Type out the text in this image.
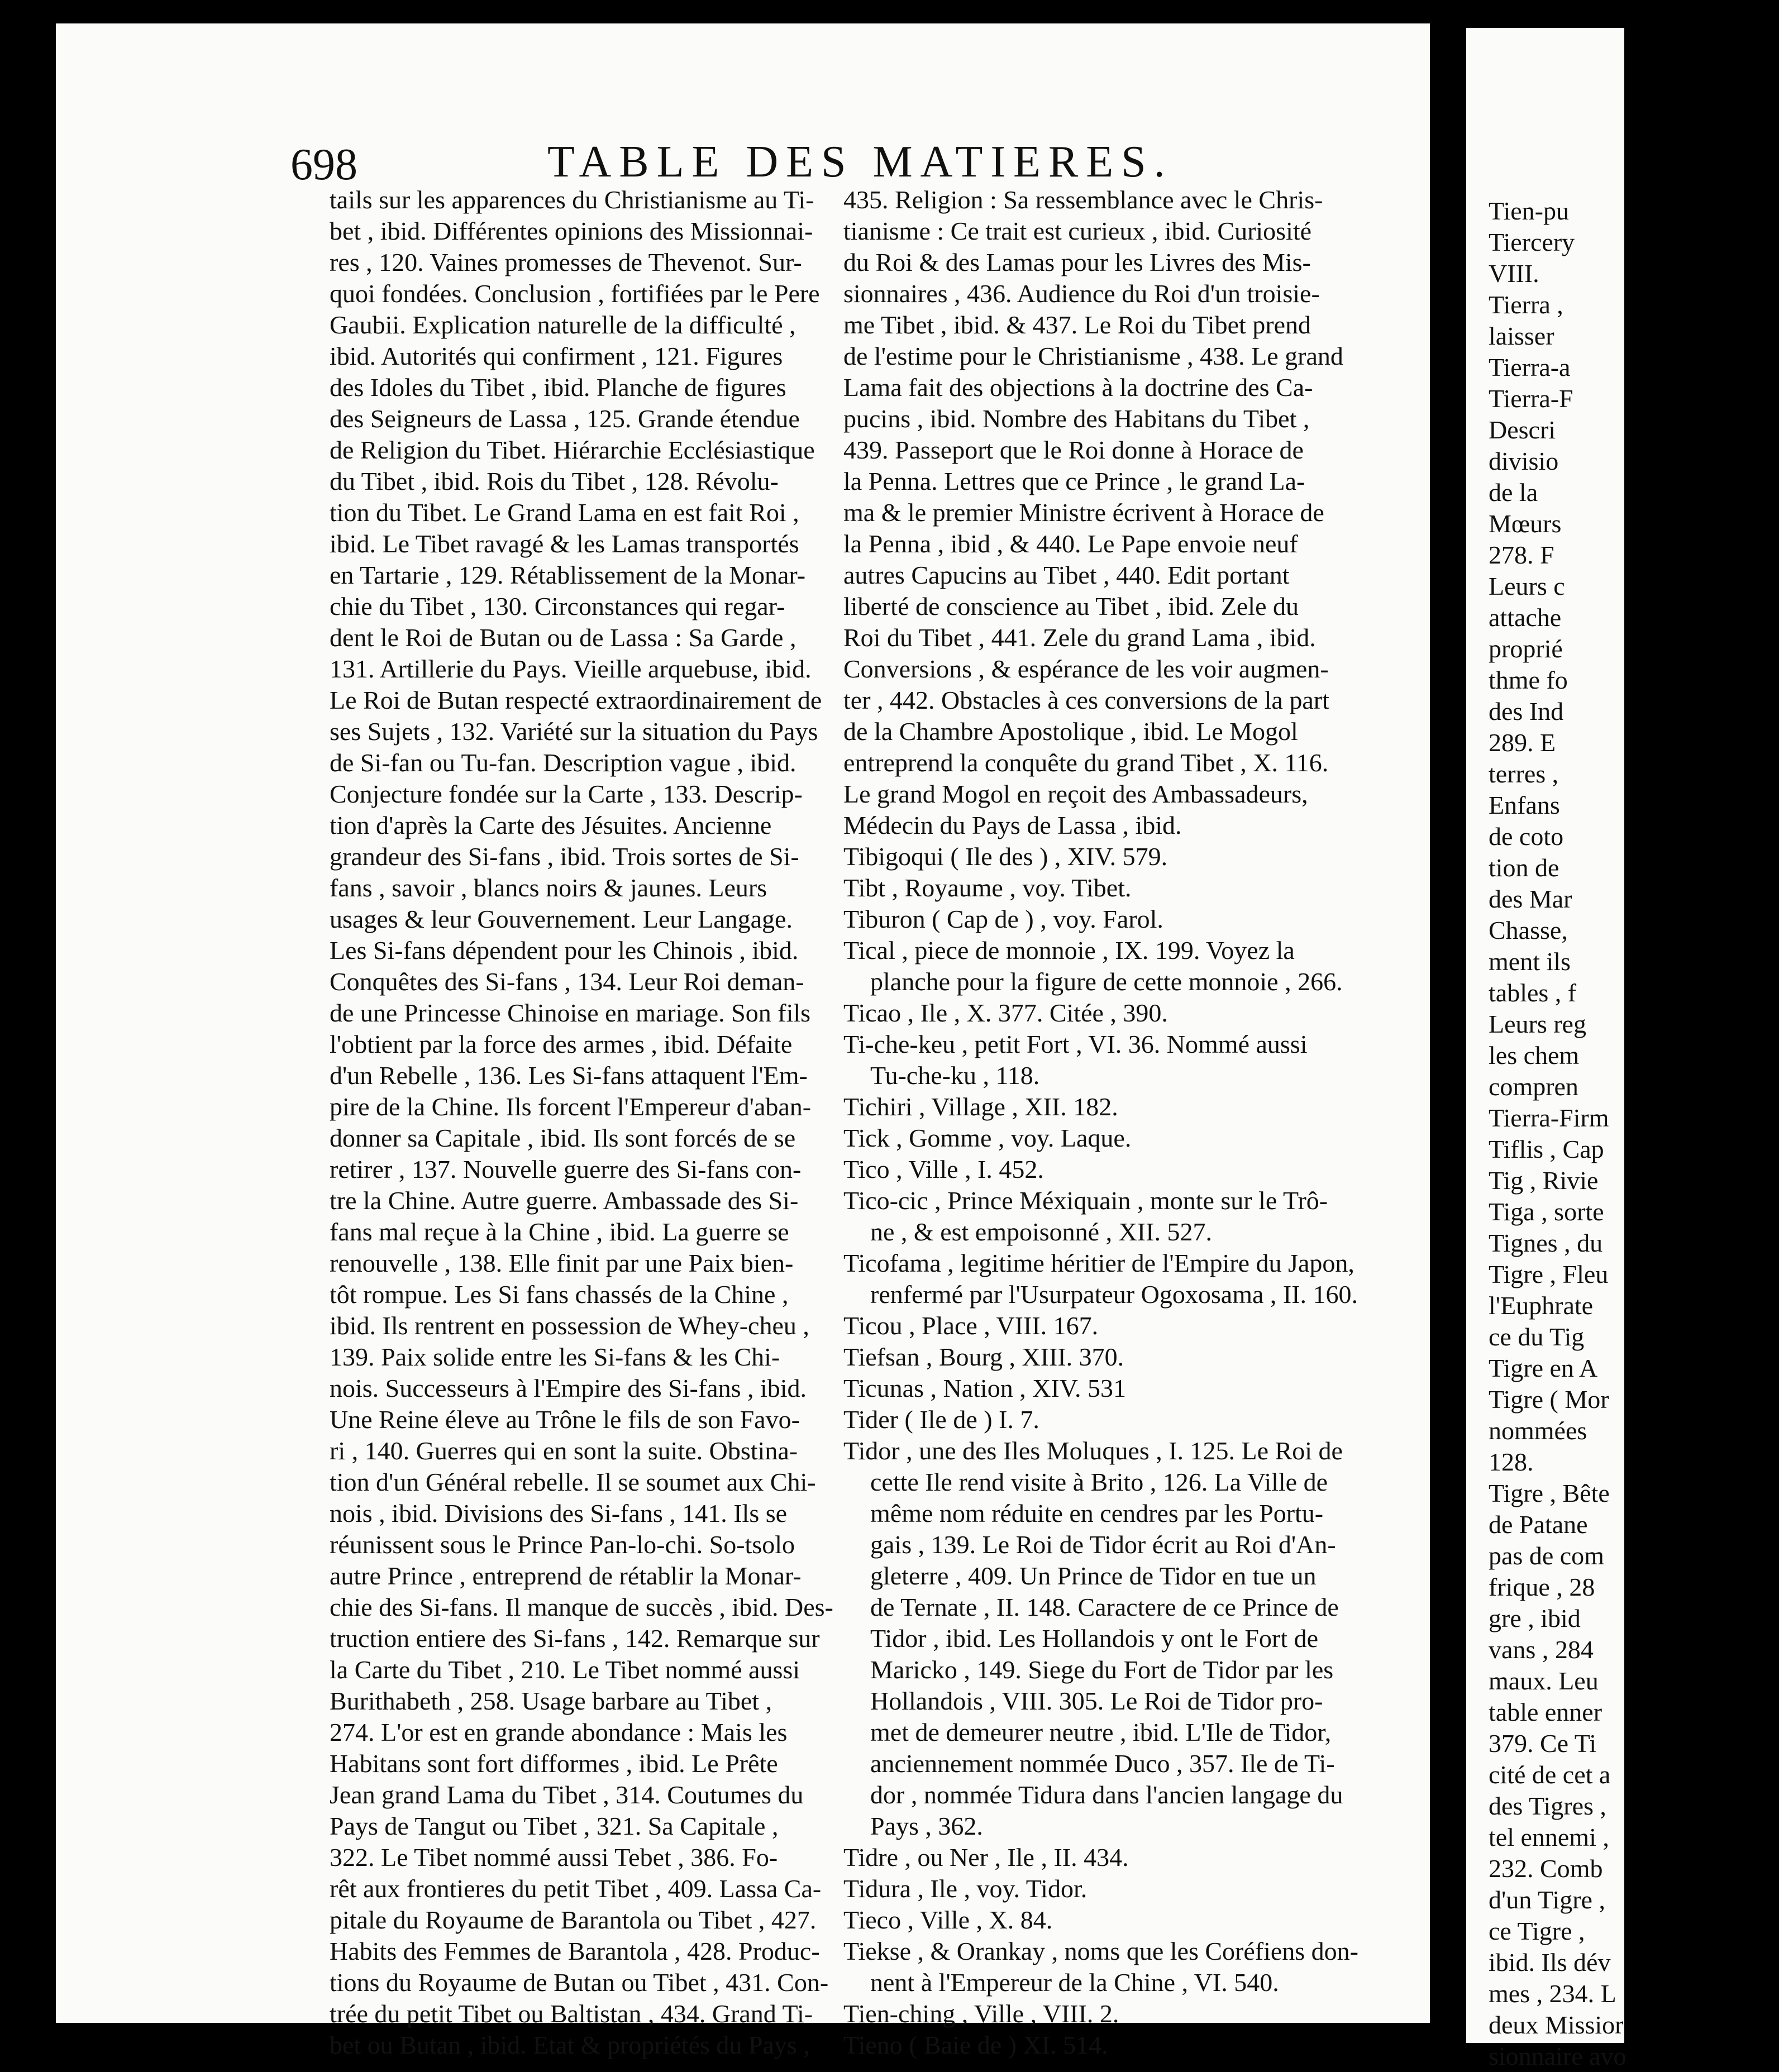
698	TABLE DES MATIERES.
tails sur les apparences du Christianisme au Ti-
bet , ibid. Différentes opinions des Missionnai-
res , 120. Vaines promesses de Thevenot. Sur-
quoi fondées. Conclusion , fortifiées par le Pere
Gaubii. Explication naturelle de la difficulté ,
ibid. Autorités qui confirment , 121. Figures
des Idoles du Tibet , ibid. Planche de figures
des Seigneurs de Lassa , 125. Grande étendue
de Religion du Tibet. Hiérarchie Ecclésiastique
du Tibet , ibid. Rois du Tibet , 128. Révolu-
tion du Tibet. Le Grand Lama en est fait Roi ,
ibid. Le Tibet ravagé & les Lamas transportés
en Tartarie , 129. Rétablissement de la Monar-
chie du Tibet , 130. Circonstances qui regar-
dent le Roi de Butan ou de Lassa : Sa Garde ,
131. Artillerie du Pays. Vieille arquebuse, ibid.
Le Roi de Butan respecté extraordinairement de
ses Sujets , 132. Variété sur la situation du Pays
de Si-fan ou Tu-fan. Description vague , ibid.
Conjecture fondée sur la Carte , 133. Descrip-
tion d'après la Carte des Jésuites. Ancienne
grandeur des Si-fans , ibid. Trois sortes de Si-
fans , savoir , blancs noirs & jaunes. Leurs
usages & leur Gouvernement. Leur Langage.
Les Si-fans dépendent pour les Chinois , ibid.
Conquêtes des Si-fans , 134. Leur Roi deman-
de une Princesse Chinoise en mariage. Son fils
l'obtient par la force des armes , ibid. Défaite
d'un Rebelle , 136. Les Si-fans attaquent l'Em-
pire de la Chine. Ils forcent l'Empereur d'aban-
donner sa Capitale , ibid. Ils sont forcés de se
retirer , 137. Nouvelle guerre des Si-fans con-
tre la Chine. Autre guerre. Ambassade des Si-
fans mal reçue à la Chine , ibid. La guerre se
renouvelle , 138. Elle finit par une Paix bien-
tôt rompue. Les Si fans chassés de la Chine ,
ibid. Ils rentrent en possession de Whey-cheu ,
139. Paix solide entre les Si-fans & les Chi-
nois. Successeurs à l'Empire des Si-fans , ibid.
Une Reine éleve au Trône le fils de son Favo-
ri , 140. Guerres qui en sont la suite. Obstina-
tion d'un Général rebelle. Il se soumet aux Chi-
nois , ibid. Divisions des Si-fans , 141. Ils se
réunissent sous le Prince Pan-lo-chi. So-tsolo
autre Prince , entreprend de rétablir la Monar-
chie des Si-fans. Il manque de succès , ibid. Des-
truction entiere des Si-fans , 142. Remarque sur
la Carte du Tibet , 210. Le Tibet nommé aussi
Burithabeth , 258. Usage barbare au Tibet ,
274. L'or est en grande abondance : Mais les
Habitans sont fort difformes , ibid. Le Prête
Jean grand Lama du Tibet , 314. Coutumes du
Pays de Tangut ou Tibet , 321. Sa Capitale ,
322. Le Tibet nommé aussi Tebet , 386. Fo-
rêt aux frontieres du petit Tibet , 409. Lassa Ca-
pitale du Royaume de Barantola ou Tibet , 427.
Habits des Femmes de Barantola , 428. Produc-
tions du Royaume de Butan ou Tibet , 431. Con-
trée du petit Tibet ou Baltistan , 434. Grand Ti-
bet ou Butan , ibid. Etat & propriétés du Pays ,
435. Religion : Sa ressemblance avec le Chris-
tianisme : Ce trait est curieux , ibid. Curiosité
du Roi & des Lamas pour les Livres des Mis-
sionnaires , 436. Audience du Roi d'un troisie-
me Tibet , ibid. & 437. Le Roi du Tibet prend
de l'estime pour le Christianisme , 438. Le grand
Lama fait des objections à la doctrine des Ca-
pucins , ibid. Nombre des Habitans du Tibet ,
439. Passeport que le Roi donne à Horace de
la Penna. Lettres que ce Prince , le grand La-
ma & le premier Ministre écrivent à Horace de
la Penna , ibid , & 440. Le Pape envoie neuf
autres Capucins au Tibet , 440. Edit portant
liberté de conscience au Tibet , ibid. Zele du
Roi du Tibet , 441. Zele du grand Lama , ibid.
Conversions , & espérance de les voir augmen-
ter , 442. Obstacles à ces conversions de la part
de la Chambre Apostolique , ibid. Le Mogol
entreprend la conquête du grand Tibet , X. 116.
Le grand Mogol en reçoit des Ambassadeurs,
Médecin du Pays de Lassa , ibid.
Tibigoqui ( Ile des ) , XIV. 579.
Tibt , Royaume , voy. Tibet.
Tiburon ( Cap de ) , voy. Farol.
Tical , piece de monnoie , IX. 199. Voyez la
planche pour la figure de cette monnoie , 266.
Ticao , Ile , X. 377. Citée , 390.
Ti-che-keu , petit Fort , VI. 36. Nommé aussi
Tu-che-ku , 118.
Tichiri , Village , XII. 182.
Tick , Gomme , voy. Laque.
Tico , Ville , I. 452.
Tico-cic , Prince Méxiquain , monte sur le Trô-
ne , & est empoisonné , XII. 527.
Ticofama , legitime héritier de l'Empire du Japon,
renfermé par l'Usurpateur Ogoxosama , II. 160.
Ticou , Place , VIII. 167.
Tiefsan , Bourg , XIII. 370.
Ticunas , Nation , XIV. 531
Tider ( Ile de ) I. 7.
Tidor , une des Iles Moluques , I. 125. Le Roi de
cette Ile rend visite à Brito , 126. La Ville de
même nom réduite en cendres par les Portu-
gais , 139. Le Roi de Tidor écrit au Roi d'An-
gleterre , 409. Un Prince de Tidor en tue un
de Ternate , II. 148. Caractere de ce Prince de
Tidor , ibid. Les Hollandois y ont le Fort de
Maricko , 149. Siege du Fort de Tidor par les
Hollandois , VIII. 305. Le Roi de Tidor pro-
met de demeurer neutre , ibid. L'Ile de Tidor,
anciennement nommée Duco , 357. Ile de Ti-
dor , nommée Tidura dans l'ancien langage du
Pays , 362.
Tidre , ou Ner , Ile , II. 434.
Tidura , Ile , voy. Tidor.
Tieco , Ville , X. 84.
Tiekse , & Orankay , noms que les Coréfiens don-
nent à l'Empereur de la Chine , VI. 540.
Tien-ching , Ville , VIII. 2.
Tieno ( Baie de ) XI. 514.
Tien-pu
Tiercery
VIII.
Tierra ,
laisser
Tierra-a
Tierra-F
Descri
divisio
de la
Mœurs
278. F
Leurs c
attache
proprié
thme fo
des Ind
289. E
terres ,
Enfans
de coto
tion de
des Mar
Chasse,
ment ils
tables , f
Leurs reg
les chem
compren
Tierra-Firm
Tiflis , Cap
Tig , Rivie
Tiga , sorte
Tignes , du
Tigre , Fleu
l'Euphrate
ce du Tig
Tigre en A
Tigre ( Mor
nommées
128.
Tigre , Bête
de Patane
pas de com
frique , 28
gre , ibid
vans , 284
maux. Leu
table enner
379. Ce Ti
cité de cet a
des Tigres ,
tel ennemi ,
232. Comb
d'un Tigre ,
ce Tigre ,
ibid. Ils dév
mes , 234. L
deux Missior
sionnaire avo
